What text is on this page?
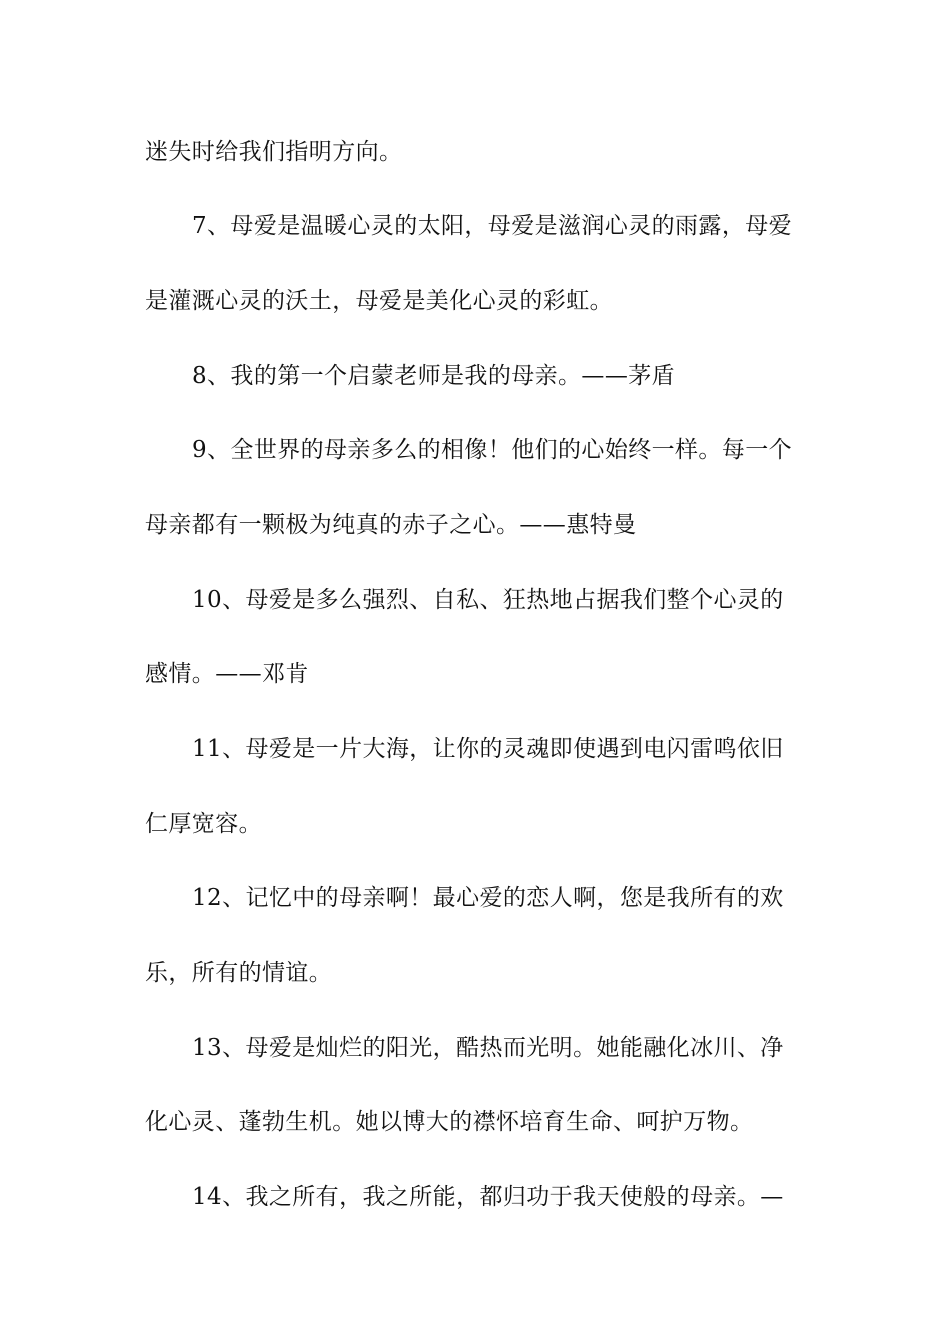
迷失时给我们指明方向。

7、母爱是温暖心灵的太阳，母爱是滋润心灵的雨露，母爱

是灌溉心灵的沃土，母爱是美化心灵的彩虹。

8、我的第一个启蒙老师是我的母亲。——茅盾

9、全世界的母亲多么的相像！他们的心始终一样。每一个

母亲都有一颗极为纯真的赤子之心。——惠特曼

10、母爱是多么强烈、自私、狂热地占据我们整个心灵的

感情。——邓肯

11、母爱是一片大海，让你的灵魂即使遇到电闪雷鸣依旧

仁厚宽容。

12、记忆中的母亲啊！最心爱的恋人啊，您是我所有的欢

乐，所有的情谊。

13、母爱是灿烂的阳光，酷热而光明。她能融化冰川、净

化心灵、蓬勃生机。她以博大的襟怀培育生命、呵护万物。

14、我之所有，我之所能，都归功于我天使般的母亲。—
